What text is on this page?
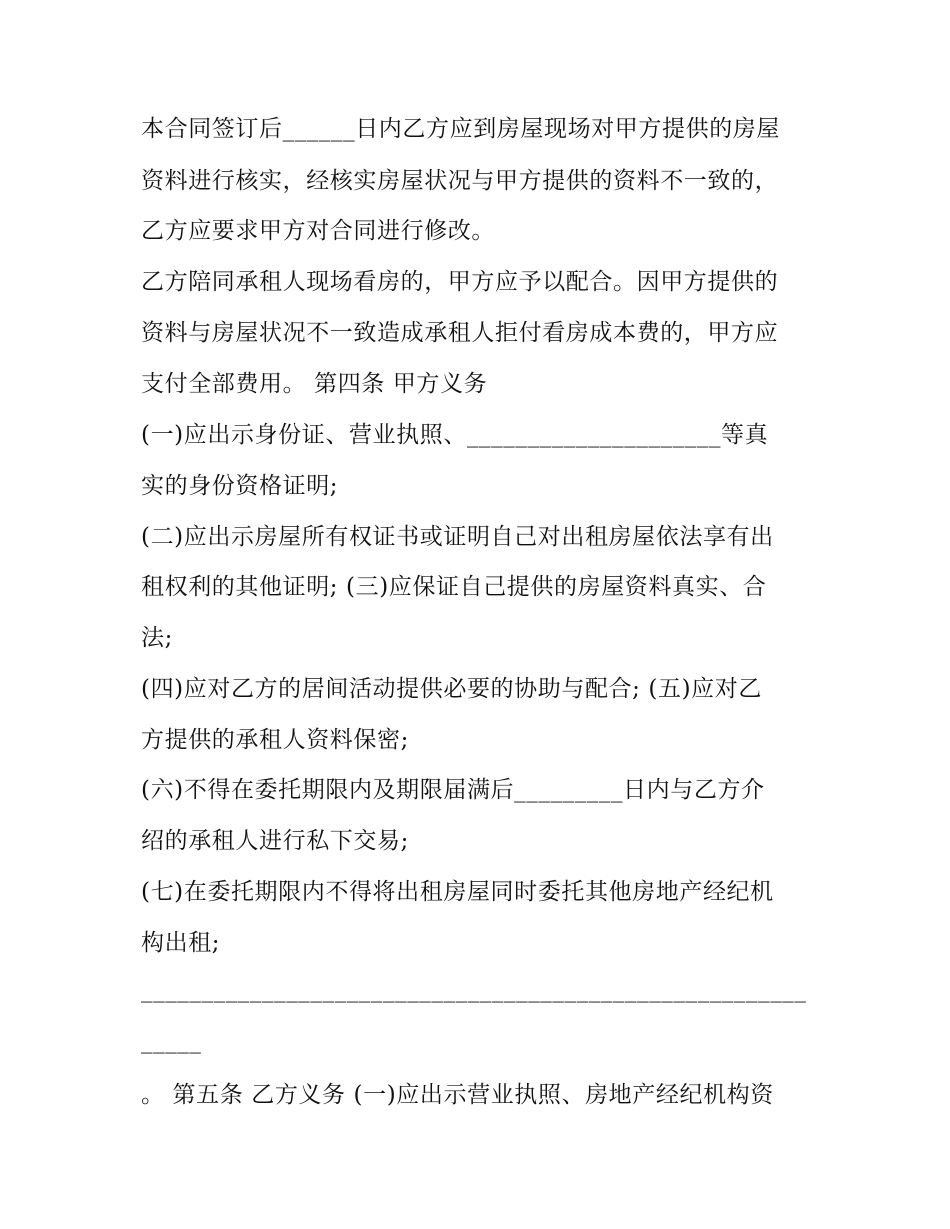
本合同签订后______日内乙方应到房屋现场对甲方提供的房屋
资料进行核实，经核实房屋状况与甲方提供的资料不一致的，
乙方应要求甲方对合同进行修改。
乙方陪同承租人现场看房的，甲方应予以配合。因甲方提供的
资料与房屋状况不一致造成承租人拒付看房成本费的，甲方应
支付全部费用。 第四条 甲方义务
(一)应出示身份证、营业执照、_____________________等真
实的身份资格证明;
(二)应出示房屋所有权证书或证明自己对出租房屋依法享有出
租权利的其他证明; (三)应保证自己提供的房屋资料真实、合
法;
(四)应对乙方的居间活动提供必要的协助与配合; (五)应对乙
方提供的承租人资料保密;
(六)不得在委托期限内及期限届满后_________日内与乙方介
绍的承租人进行私下交易;
(七)在委托期限内不得将出租房屋同时委托其他房地产经纪机
构出租;
_______________________________________________________
_____
。 第五条 乙方义务 (一)应出示营业执照、房地产经纪机构资
